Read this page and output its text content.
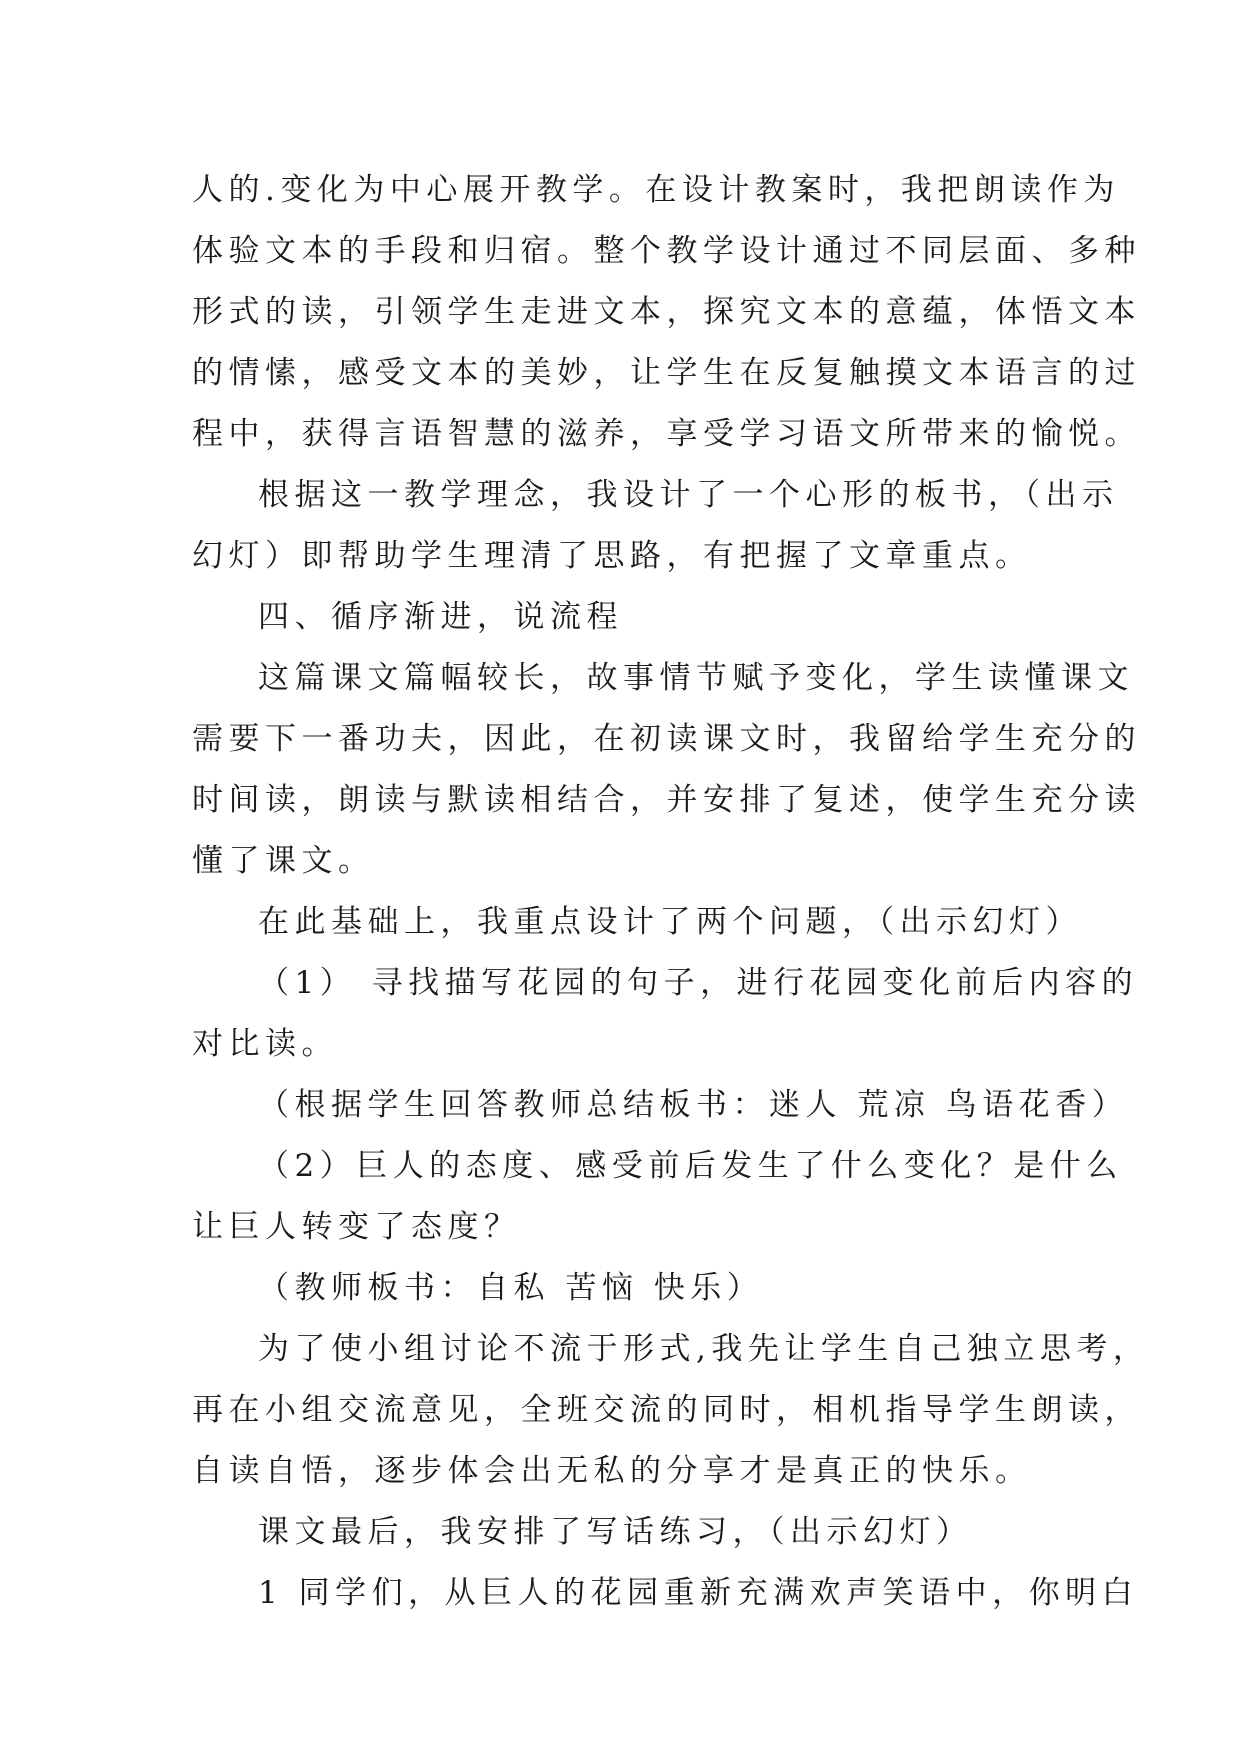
人的.变化为中心展开教学。在设计教案时，我把朗读作为
体验文本的手段和归宿。整个教学设计通过不同层面、多种
形式的读，引领学生走进文本，探究文本的意蕴，体悟文本
的情愫，感受文本的美妙，让学生在反复触摸文本语言的过
程中，获得言语智慧的滋养，享受学习语文所带来的愉悦。
根据这一教学理念，我设计了一个心形的板书，（出示
幻灯）即帮助学生理清了思路，有把握了文章重点。
四、循序渐进，说流程
这篇课文篇幅较长，故事情节赋予变化，学生读懂课文
需要下一番功夫，因此，在初读课文时，我留给学生充分的
时间读，朗读与默读相结合，并安排了复述，使学生充分读
懂了课文。
在此基础上，我重点设计了两个问题，（出示幻灯）
（1） 寻找描写花园的句子，进行花园变化前后内容的
对比读。
（根据学生回答教师总结板书：迷人 荒凉 鸟语花香）
（2）巨人的态度、感受前后发生了什么变化？是什么
让巨人转变了态度？
（教师板书：自私 苦恼 快乐）
为了使小组讨论不流于形式,我先让学生自己独立思考，
再在小组交流意见，全班交流的同时，相机指导学生朗读，
自读自悟，逐步体会出无私的分享才是真正的快乐。
课文最后，我安排了写话练习，（出示幻灯）
1 同学们，从巨人的花园重新充满欢声笑语中，你明白
